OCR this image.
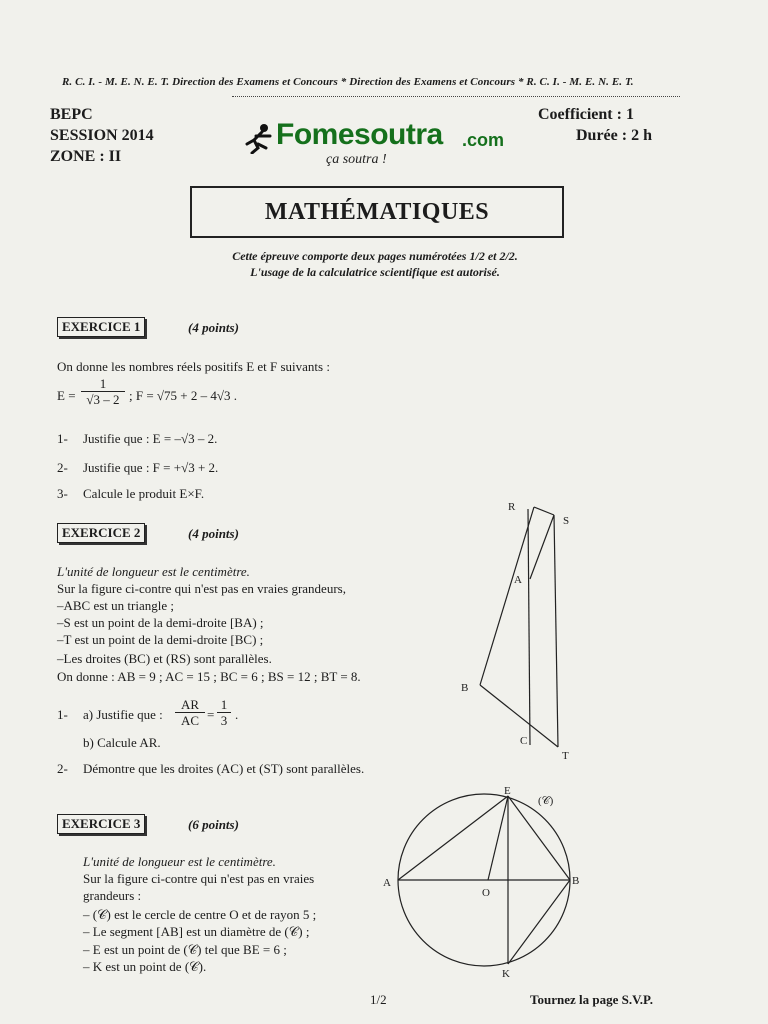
R. C. I. - M. E. N. E. T. Direction des Examens et Concours * Direction des Examens et Concours * R. C. I. - M. E. N. E. T.
BEPC
SESSION 2014
ZONE : II
Coefficient : 1
Durée : 2 h
Fomesoutra .com
ça soutra !
MATHÉMATIQUES
Cette épreuve comporte deux pages numérotées 1/2 et 2/2.
L'usage de la calculatrice scientifique est autorisé.
EXERCICE 1	(4 points)
On donne les nombres réels positifs E et F suivants :
$E = \frac{1}{√3 - 2}$ ; F = √75 + 2 – 4√3 .
1- Justifie que : E = –√3 – 2.
2- Justifie que : F = +√3 + 2.
3- Calcule le produit E×F.
EXERCICE 2	(4 points)
L'unité de longueur est le centimètre.
Sur la figure ci-contre qui n'est pas en vraies grandeurs,
–ABC est un triangle ;
–S est un point de la demi-droite [BA) ;
–T est un point de la demi-droite [BC) ;
–Les droites (BC) et (RS) sont parallèles.
On donne : AB = 9 ; AC = 15 ; BC = 6 ; BS = 12 ; BT = 8.
1- a) Justifie que :
AR
AC =
1
3 .
b) Calcule AR.
2- Démontre que les droites (AC) et (ST) sont parallèles.
R
S
A
B
C
T
EXERCICE 3	(6 points)
L'unité de longueur est le centimètre.
Sur la figure ci-contre qui n'est pas en vraies
grandeurs :
– (𝒞) est le cercle de centre O et de rayon 5 ;
– Le segment [AB] est un diamètre de (𝒞) ;
– E est un point de (𝒞) tel que BE = 6 ;
– K est un point de (𝒞).
E
(𝒞)
A
O
B
K
1/2	Tournez la page S.V.P.
